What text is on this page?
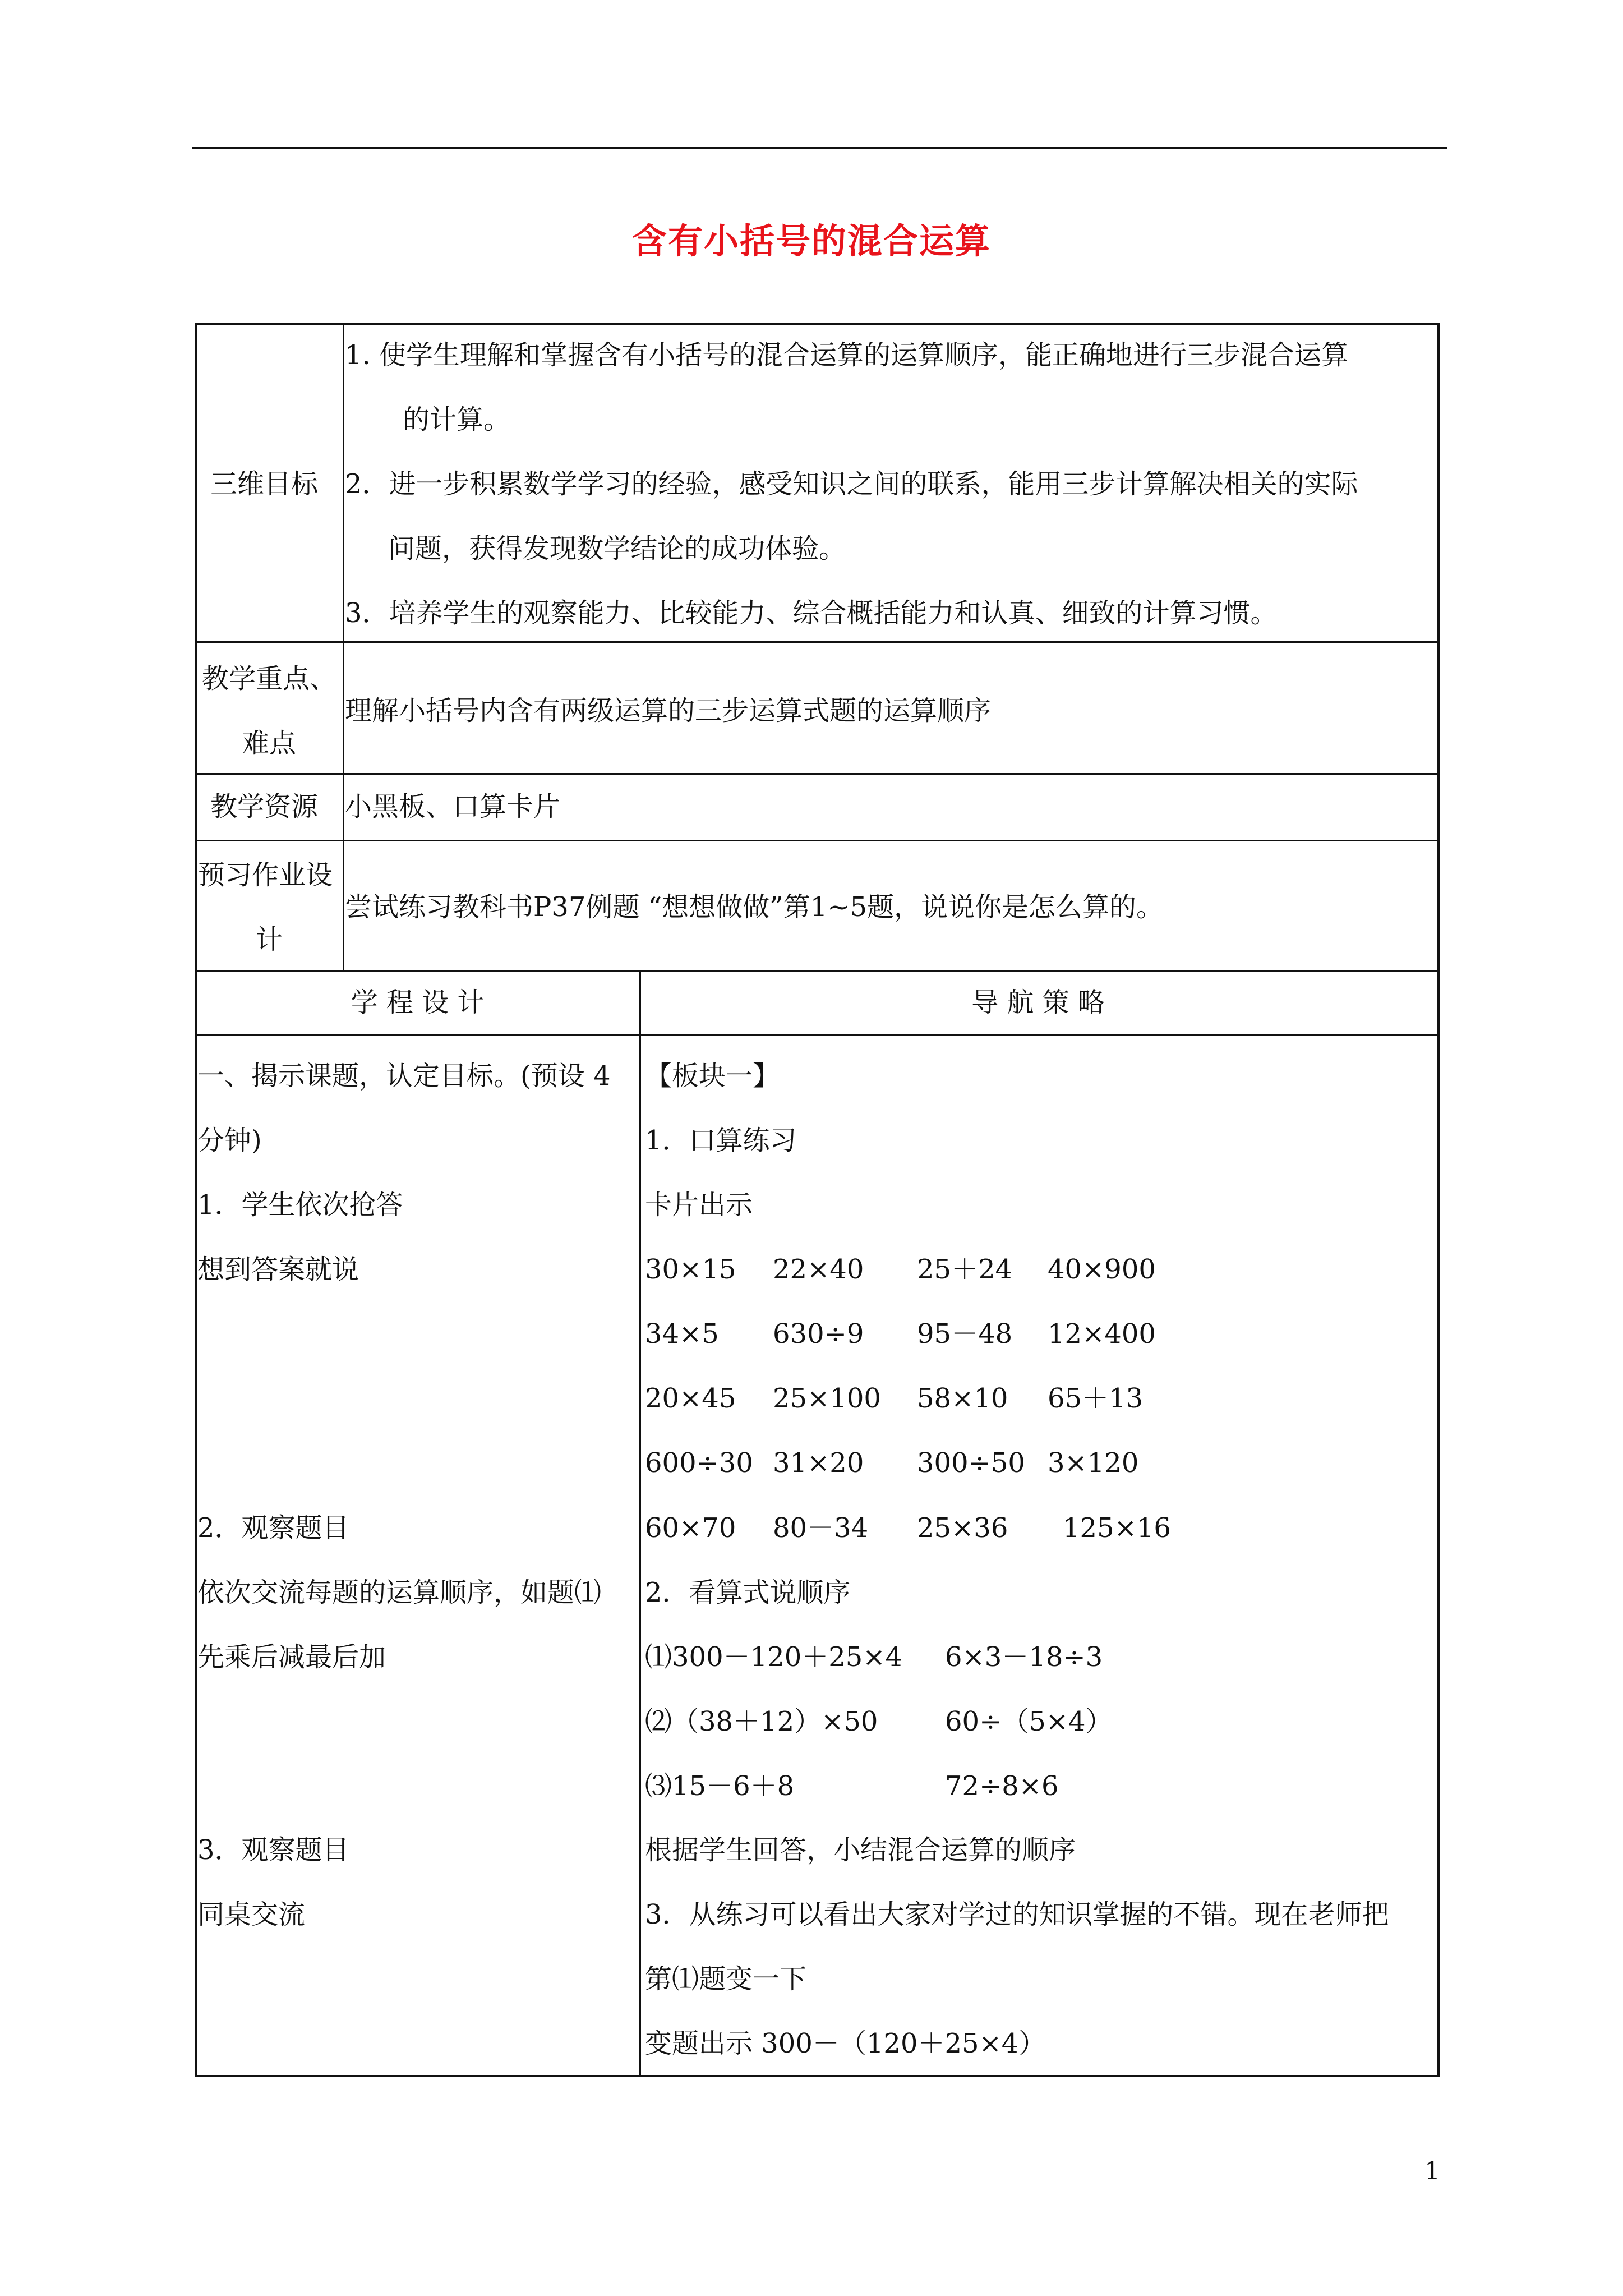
含有小括号的混合运算
三维目标
1. 使学生理解和掌握含有小括号的混合运算的运算顺序，能正确地进行三步混合运算
的计算。
2．进一步积累数学学习的经验，感受知识之间的联系，能用三步计算解决相关的实际
问题，获得发现数学结论的成功体验。
3．培养学生的观察能力、比较能力、综合概括能力和认真、细致的计算习惯。
教学重点、
难点
理解小括号内含有两级运算的三步运算式题的运算顺序
教学资源 小黑板、口算卡片
预习作业设
计
尝试练习教科书P37例题 “想想做做”第1~5题，说说你是怎么算的。
学 程 设 计	导 航 策 略
一、揭示课题，认定目标。(预设 4
分钟)
1．学生依次抢答
想到答案就说
2．观察题目
依次交流每题的运算顺序，如题⑴
先乘后减最后加
3．观察题目
同桌交流
【板块一】
1．口算练习
卡片出示
30×15 22×40 25＋24 40×900
34×5 630÷9 95－48 12×400
20×45 25×100 58×10 65＋13
600÷30 31×20 300÷50 3×120
60×70 80－34 25×36 125×16
2．看算式说顺序
⑴300－120＋25×4 6×3－18÷3
⑵（38＋12）×50 60÷（5×4）
⑶15－6＋8	72÷8×6
根据学生回答，小结混合运算的顺序
3．从练习可以看出大家对学过的知识掌握的不错。现在老师把
第⑴题变一下
变题出示 300－（120＋25×4）
1
